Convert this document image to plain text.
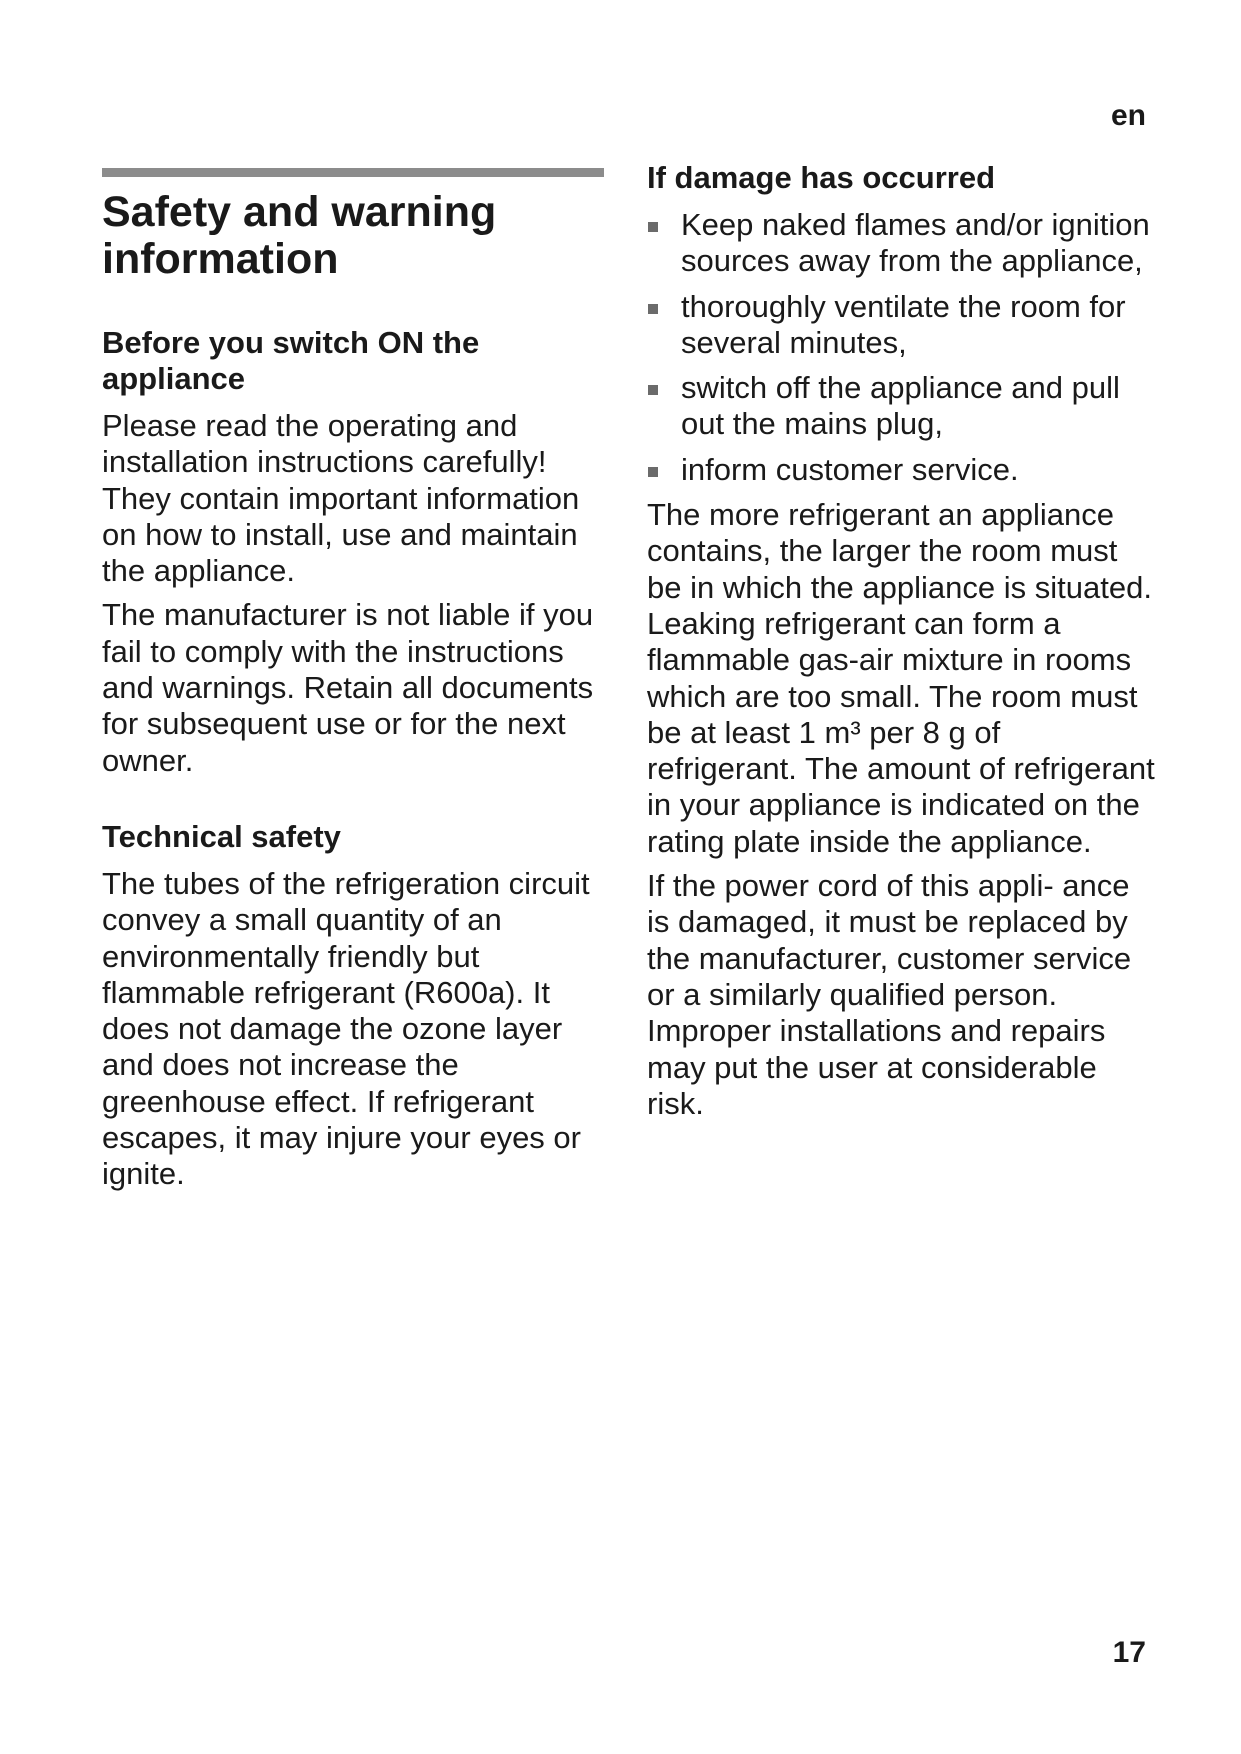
en
Safety and warning information
Before you switch ON the appliance

Please read the operating and installation instructions carefully! They contain important information on how to install, use and maintain the appliance.

The manufacturer is not liable if you fail to comply with the instructions and warnings. Retain all documents for subsequent use or for the next owner.

Technical safety

The tubes of the refrigeration circuit convey a small quantity of an environmentally friendly but flammable refrigerant (R600a). It does not damage the ozone layer and does not increase the greenhouse effect. If refrigerant escapes, it may injure your eyes or ignite.

If damage has occurred
Keep naked flames and/or ignition sources away from the appliance,
thoroughly ventilate the room for several minutes,
switch off the appliance and pull out the mains plug,
inform customer service.

The more refrigerant an appliance contains, the larger the room must be in which the appliance is situated. Leaking refrigerant can form a flammable gas-air mixture in rooms which are too small. The room must be at least 1 m³ per 8 g of refrigerant. The amount of refrigerant in your appliance is indicated on the rating plate inside the appliance.

If the power cord of this appli- ance is damaged, it must be replaced by the manufacturer, customer service or a similarly qualified person. Improper installations and repairs may put the user at considerable risk.

17
